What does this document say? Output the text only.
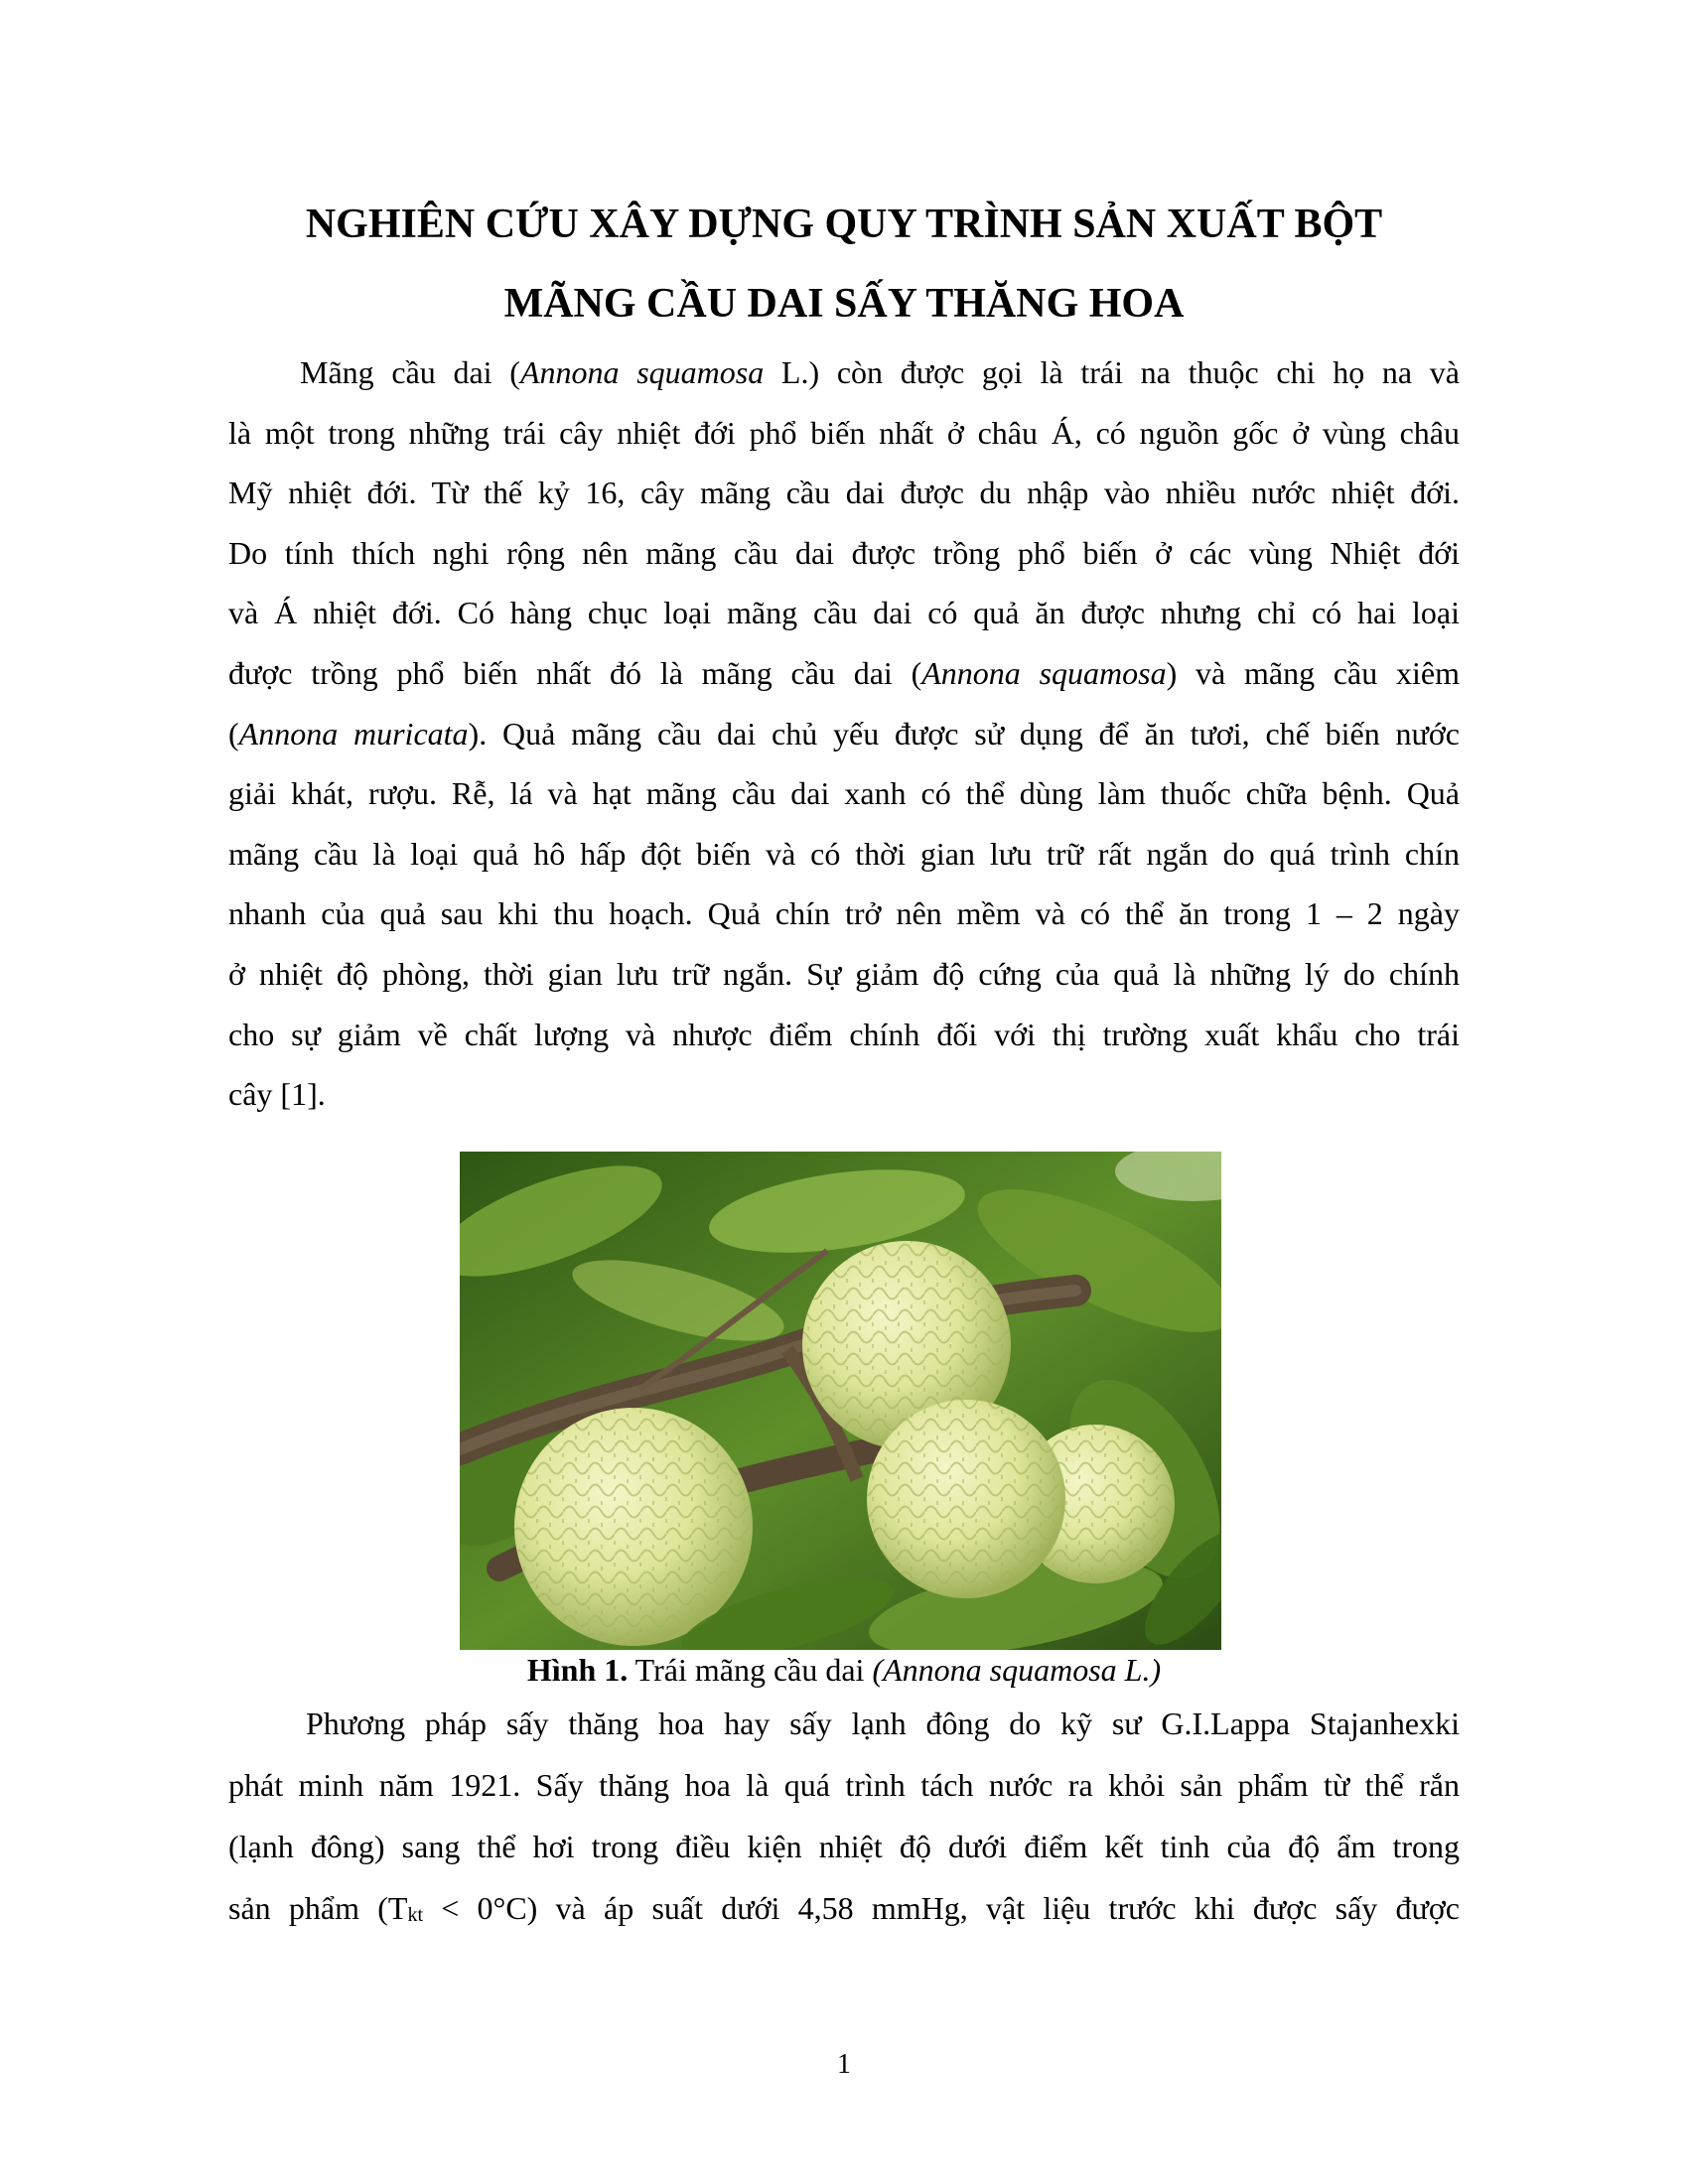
NGHIÊN CỨU XÂY DỰNG QUY TRÌNH SẢN XUẤT BỘT
MÃNG CẦU DAI SẤY THĂNG HOA
Mãng cầu dai (Annona squamosa L.) còn được gọi là trái na thuộc chi họ na và
là một trong những trái cây nhiệt đới phổ biến nhất ở châu Á, có nguồn gốc ở vùng châu
Mỹ nhiệt đới. Từ thế kỷ 16, cây mãng cầu dai được du nhập vào nhiều nước nhiệt đới.
Do tính thích nghi rộng nên mãng cầu dai được trồng phổ biến ở các vùng Nhiệt đới
và Á nhiệt đới. Có hàng chục loại mãng cầu dai có quả ăn được nhưng chỉ có hai loại
được trồng phổ biến nhất đó là mãng cầu dai (Annona squamosa) và mãng cầu xiêm
(Annona muricata). Quả mãng cầu dai chủ yếu được sử dụng để ăn tươi, chế biến nước
giải khát, rượu. Rễ, lá và hạt mãng cầu dai xanh có thể dùng làm thuốc chữa bệnh. Quả
mãng cầu là loại quả hô hấp đột biến và có thời gian lưu trữ rất ngắn do quá trình chín
nhanh của quả sau khi thu hoạch. Quả chín trở nên mềm và có thể ăn trong 1 – 2 ngày
ở nhiệt độ phòng, thời gian lưu trữ ngắn. Sự giảm độ cứng của quả là những lý do chính
cho sự giảm về chất lượng và nhược điểm chính đối với thị trường xuất khẩu cho trái
cây [1].

Hình 1. Trái mãng cầu dai (Annona squamosa L.)

Phương pháp sấy thăng hoa hay sấy lạnh đông do kỹ sư G.I.Lappa Stajanhexki
phát minh năm 1921. Sấy thăng hoa là quá trình tách nước ra khỏi sản phẩm từ thể rắn
(lạnh đông) sang thể hơi trong điều kiện nhiệt độ dưới điểm kết tinh của độ ẩm trong
sản phẩm $(T_{kt} < 0^\circ C)$ và áp suất dưới 4,58 mmHg, vật liệu trước khi được sấy được
1
